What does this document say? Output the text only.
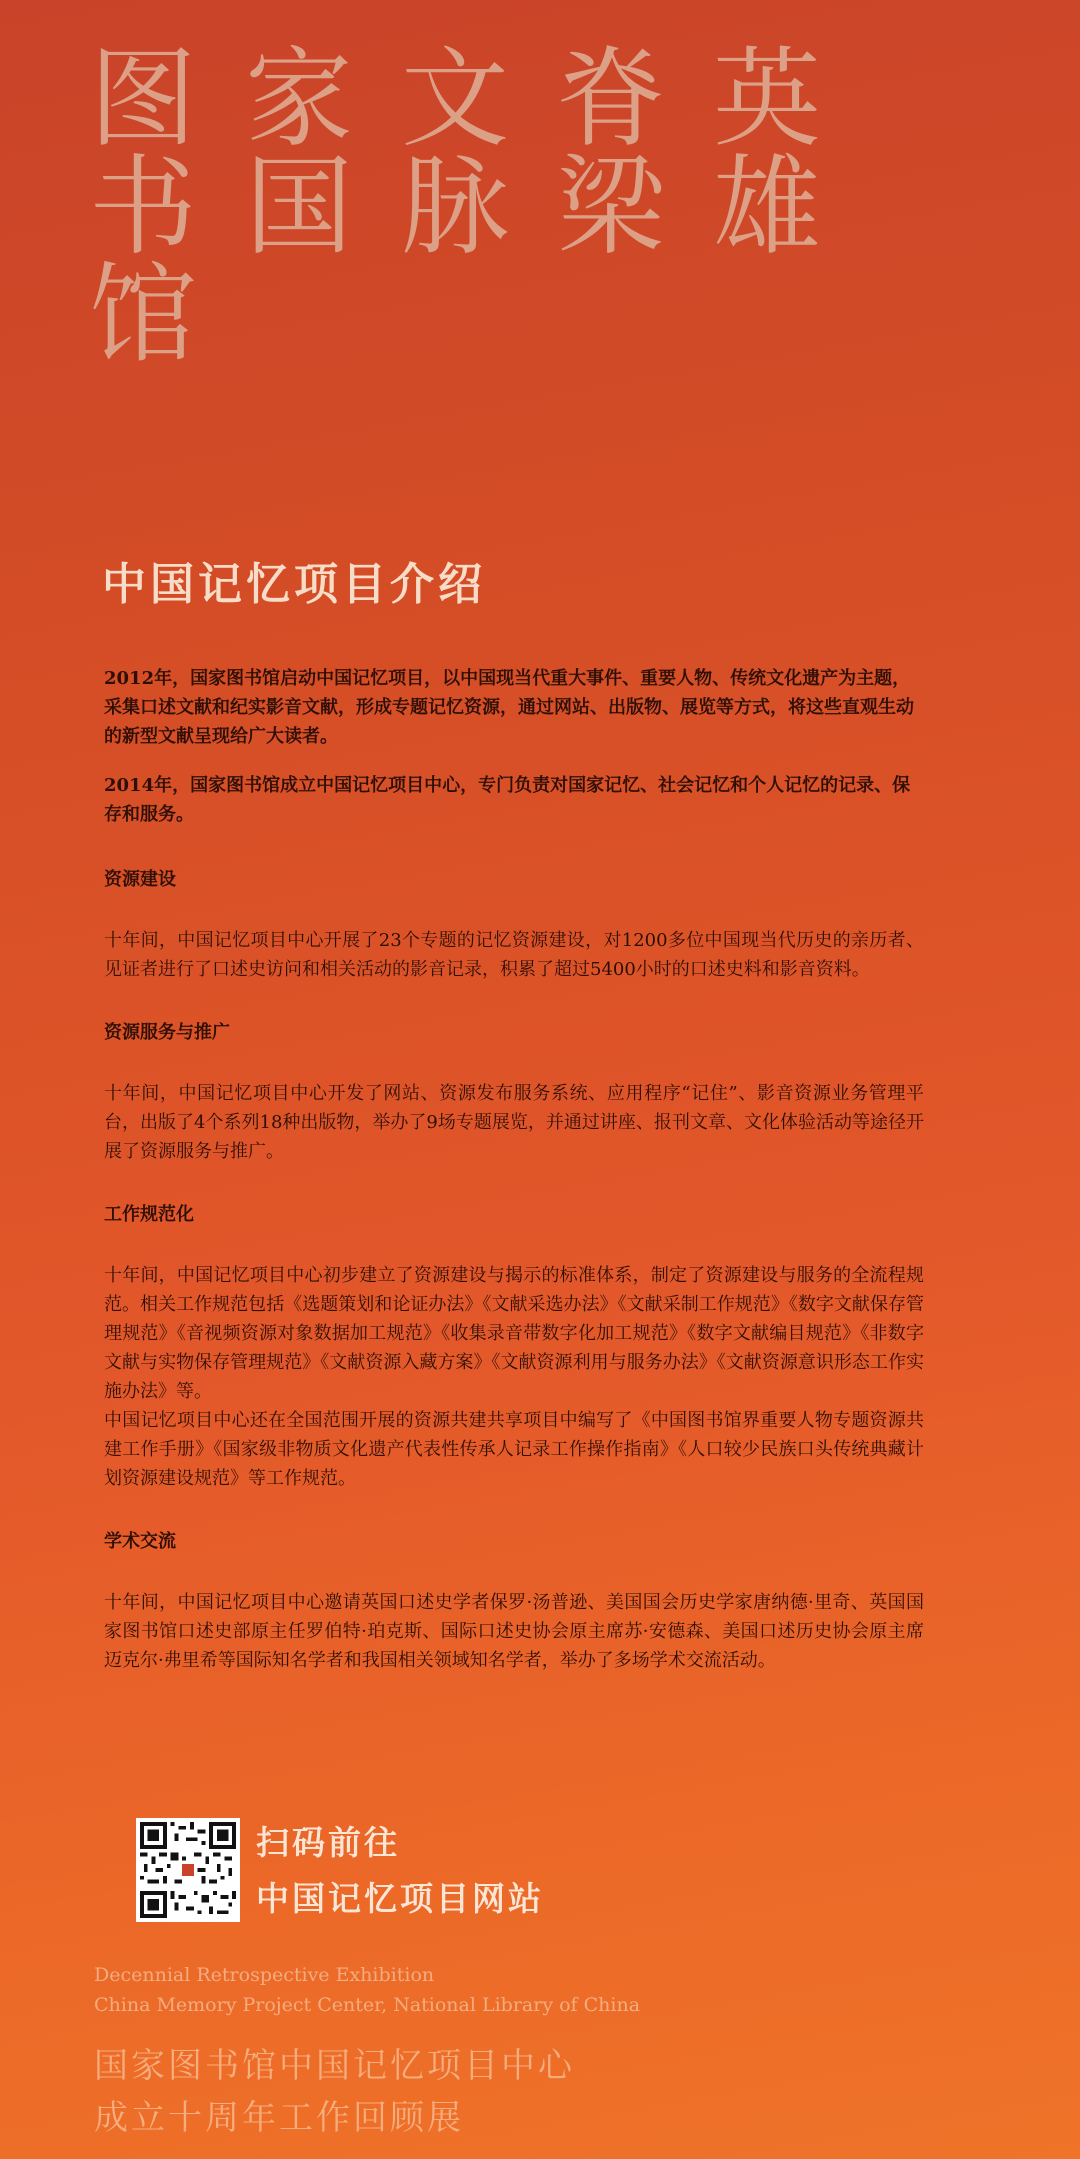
图 家 文 脊 英
书 国 脉 梁 雄
馆
中国记忆项目介绍

2012年，国家图书馆启动中国记忆项目，以中国现当代重大事件、重要人物、传统文化遗产为主题，采集口述文献和纪实影音文献，形成专题记忆资源，通过网站、出版物、展览等方式，将这些直观生动的新型文献呈现给广大读者。

2014年，国家图书馆成立中国记忆项目中心，专门负责对国家记忆、社会记忆和个人记忆的记录、保存和服务。

资源建设

十年间，中国记忆项目中心开展了23个专题的记忆资源建设，对1200多位中国现当代历史的亲历者、见证者进行了口述史访问和相关活动的影音记录，积累了超过5400小时的口述史料和影音资料。

资源服务与推广

十年间，中国记忆项目中心开发了网站、资源发布服务系统、应用程序“记住”、影音资源业务管理平台，出版了4个系列18种出版物，举办了9场专题展览，并通过讲座、报刊文章、文化体验活动等途径开展了资源服务与推广。

工作规范化

十年间，中国记忆项目中心初步建立了资源建设与揭示的标准体系，制定了资源建设与服务的全流程规范。相关工作规范包括《选题策划和论证办法》《文献采选办法》《文献采制工作规范》《数字文献保存管理规范》《音视频资源对象数据加工规范》《收集录音带数字化加工规范》《数字文献编目规范》《非数字文献与实物保存管理规范》《文献资源入藏方案》《文献资源利用与服务办法》《文献资源意识形态工作实施办法》等。

中国记忆项目中心还在全国范围开展的资源共建共享项目中编写了《中国图书馆界重要人物专题资源共建工作手册》《国家级非物质文化遗产代表性传承人记录工作操作指南》《人口较少民族口头传统典藏计划资源建设规范》等工作规范。

学术交流

十年间，中国记忆项目中心邀请英国口述史学者保罗·汤普逊、美国国会历史学家唐纳德·里奇、英国国家图书馆口述史部原主任罗伯特·珀克斯、国际口述史协会原主席苏·安德森、美国口述历史协会原主席迈克尔·弗里希等国际知名学者和我国相关领域知名学者，举办了多场学术交流活动。

扫码前往
中国记忆项目网站
Decennial Retrospective Exhibition
China Memory Project Center, National Library of China
国家图书馆中国记忆项目中心
成立十周年工作回顾展
